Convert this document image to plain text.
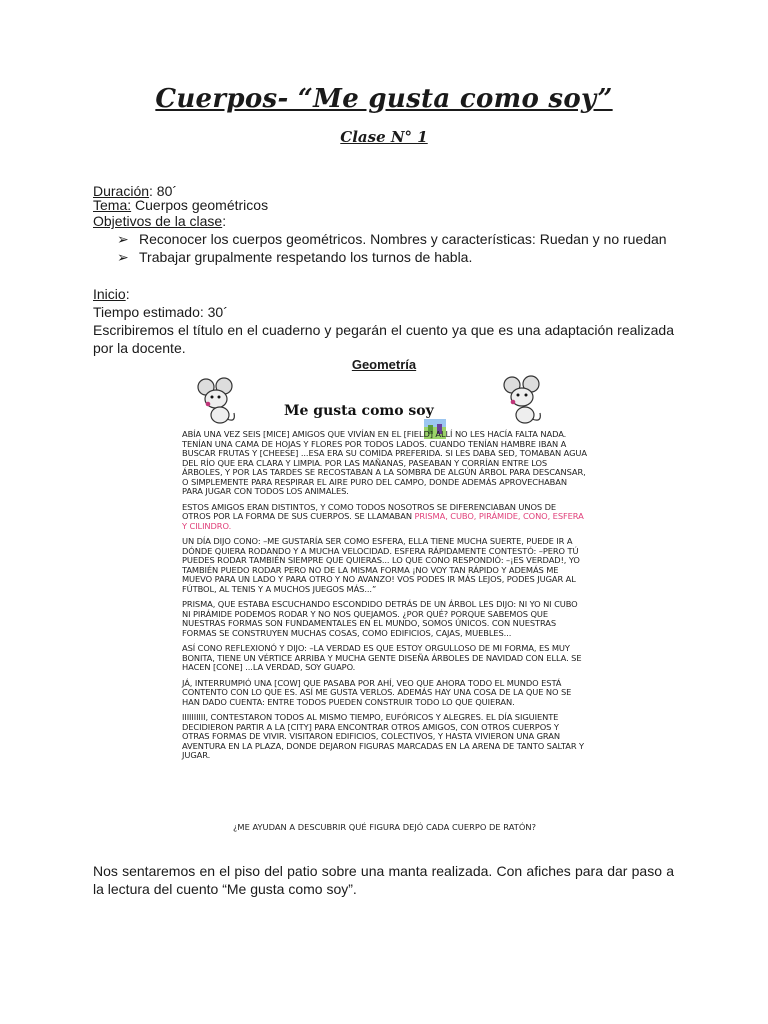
Cuerpos- “Me gusta como soy”
Clase N° 1
Duración: 80´
Tema: Cuerpos geométricos
Objetivos de la clase:
➢ Reconocer los cuerpos geométricos. Nombres y características: Ruedan y no ruedan
➢ Trabajar grupalmente respetando los turnos de habla.
Inicio:
Tiempo estimado: 30´
Escribiremos el título en el cuaderno y pegarán el cuento ya que es una adaptación realizada por la docente.
Geometría
Me gusta como soy

ABÍA UNA VEZ SEIS [MICE] AMIGOS QUE VIVÍAN EN EL [FIELD] ALLÍ NO LES HACÍA FALTA NADA. TENÍAN UNA CAMA DE HOJAS Y FLORES POR TODOS LADOS. CUANDO TENÍAN HAMBRE IBAN A BUSCAR FRUTAS Y [CHEESE] ...ESA ERA SU COMIDA PREFERIDA. SI LES DABA SED, TOMABAN AGUA DEL RÍO QUE ERA CLARA Y LIMPIA. POR LAS MAÑANAS, PASEABAN Y CORRÍAN ENTRE LOS ÁRBOLES, Y POR LAS TARDES SE RECOSTABAN A LA SOMBRA DE ALGÚN ÁRBOL PARA DESCANSAR, O SIMPLEMENTE PARA RESPIRAR EL AIRE PURO DEL CAMPO, DONDE ADEMÁS APROVECHABAN PARA JUGAR CON TODOS LOS ANIMALES.

ESTOS AMIGOS ERAN DISTINTOS, Y COMO TODOS NOSOTROS SE DIFERENCIABAN UNOS DE OTROS POR LA FORMA DE SUS CUERPOS. SE LLAMABAN PRISMA, CUBO, PIRÁMIDE, CONO, ESFERA Y CILINDRO.

UN DÍA DIJO CONO: –ME GUSTARÍA SER COMO ESFERA, ELLA TIENE MUCHA SUERTE, PUEDE IR A DÓNDE QUIERA RODANDO Y A MUCHA VELOCIDAD. ESFERA RÁPIDAMENTE CONTESTÓ: –PERO TÚ PUEDES RODAR TAMBIÉN SIEMPRE QUE QUIERAS... LO QUE CONO RESPONDIÓ: –¡ES VERDAD!, YO TAMBIÉN PUEDO RODAR PERO NO DE LA MISMA FORMA ¡NO VOY TAN RÁPIDO Y ADEMÁS ME MUEVO PARA UN LADO Y PARA OTRO Y NO AVANZO! VOS PODES IR MÁS LEJOS, PODES JUGAR AL FÚTBOL, AL TENIS Y A MUCHOS JUEGOS MÁS...”

PRISMA, QUE ESTABA ESCUCHANDO ESCONDIDO DETRÁS DE UN ÁRBOL LES DIJO: NI YO NI CUBO NI PIRÁMIDE PODEMOS RODAR Y NO NOS QUEJAMOS. ¿POR QUÉ? PORQUE SABEMOS QUE NUESTRAS FORMAS SON FUNDAMENTALES EN EL MUNDO, SOMOS ÚNICOS. CON NUESTRAS FORMAS SE CONSTRUYEN MUCHAS COSAS, COMO EDIFICIOS, CAJAS, MUEBLES...

ASÍ CONO REFLEXIONÓ Y DIJO: –LA VERDAD ES QUE ESTOY ORGULLOSO DE MI FORMA, ES MUY BONITA, TIENE UN VÉRTICE ARRIBA Y MUCHA GENTE DISEÑA ÁRBOLES DE NAVIDAD CON ELLA. SE HACEN [CONE] ...LA VERDAD, SOY GUAPO.

JÁ, INTERRUMPIÓ UNA [COW] QUE PASABA POR AHÍ, VEO QUE AHORA TODO EL MUNDO ESTÁ CONTENTO CON LO QUE ES. ASÍ ME GUSTA VERLOS. ADEMÁS HAY UNA COSA DE LA QUE NO SE HAN DADO CUENTA: ENTRE TODOS PUEDEN CONSTRUIR TODO LO QUE QUIERAN.

IIIIIIIIII, CONTESTARON TODOS AL MISMO TIEMPO, EUFÓRICOS Y ALEGRES. EL DÍA SIGUIENTE DECIDIERON PARTIR A LA [CITY] PARA ENCONTRAR OTROS AMIGOS, CON OTROS CUERPOS Y OTRAS FORMAS DE VIVIR. VISITARON EDIFICIOS, COLECTIVOS, Y HASTA VIVIERON UNA GRAN AVENTURA EN LA PLAZA, DONDE DEJARON FIGURAS MARCADAS EN LA ARENA DE TANTO SALTAR Y JUGAR.

¿ME AYUDAN A DESCUBRIR QUÉ FIGURA DEJÓ CADA CUERPO DE RATÓN?
Nos sentaremos en el piso del patio sobre una manta realizada. Con afiches para dar paso a la lectura del cuento “Me gusta como soy”.
